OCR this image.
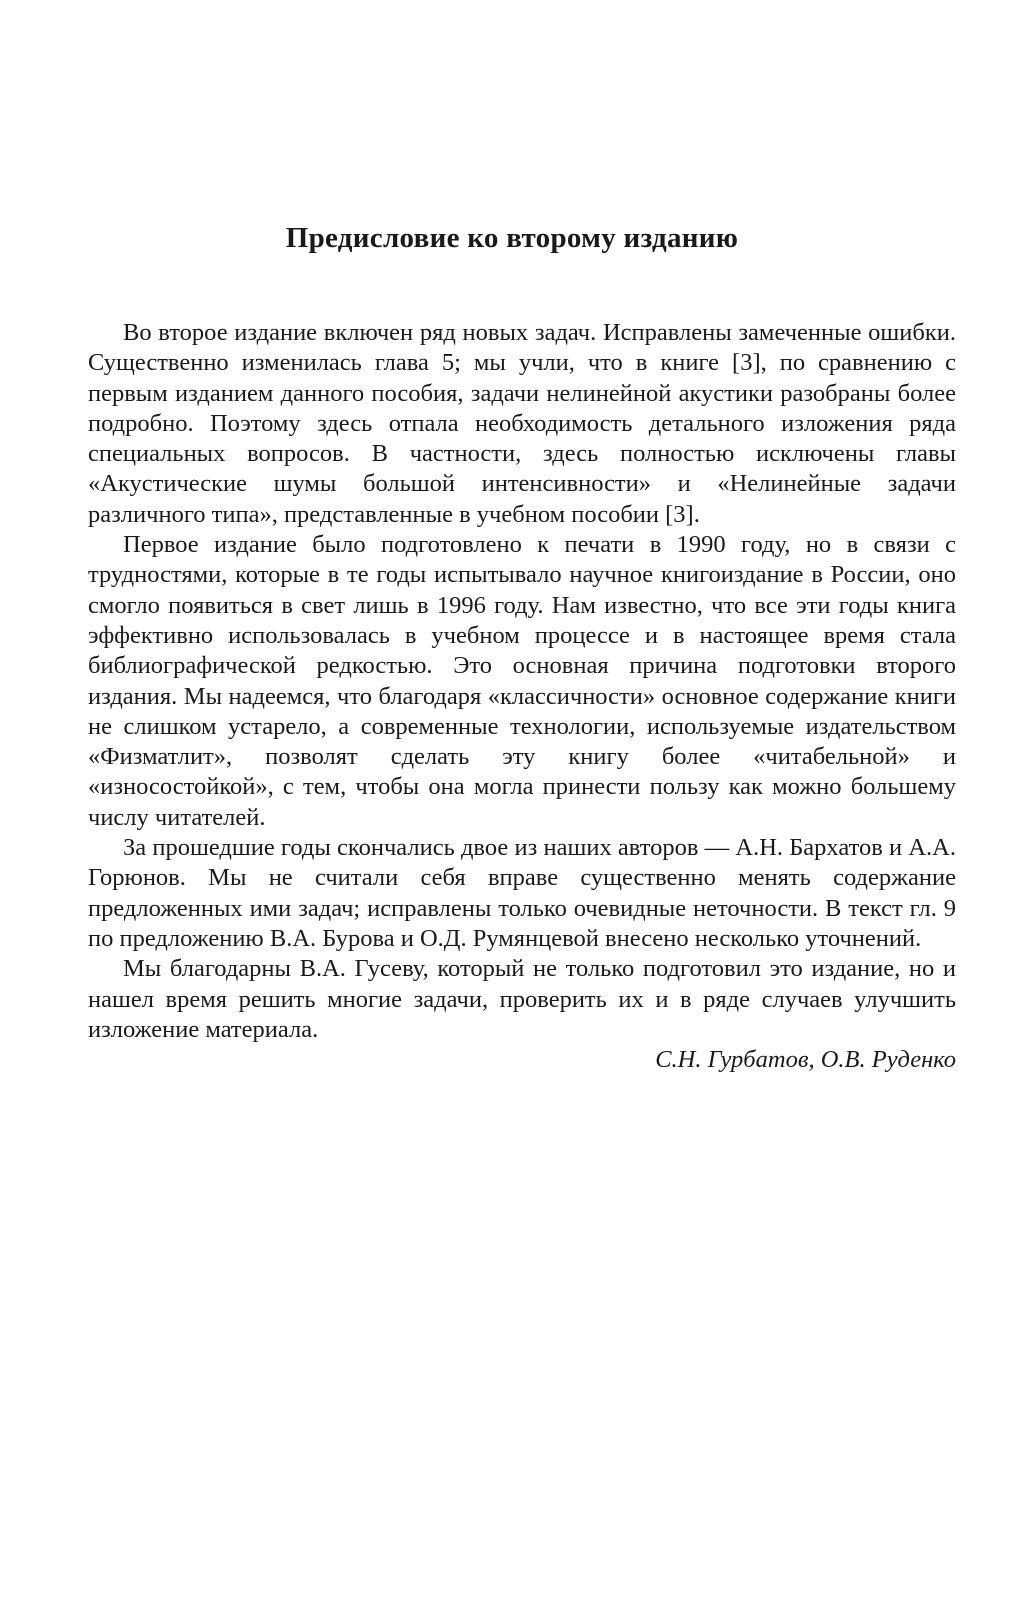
Предисловие ко второму изданию

Во второе издание включен ряд новых задач. Исправлены замеченные ошибки. Существенно изменилась глава 5; мы учли, что в книге [3], по сравнению с первым изданием данного пособия, задачи нелинейной акустики разобраны более подробно. Поэтому здесь отпала необходимость детального изложения ряда специальных вопросов. В частности, здесь полностью исключены главы «Акустические шумы большой интенсивности» и «Нелинейные задачи различного типа», представленные в учебном пособии [3].

Первое издание было подготовлено к печати в 1990 году, но в связи с трудностями, которые в те годы испытывало научное книгоиздание в России, оно смогло появиться в свет лишь в 1996 году. Нам известно, что все эти годы книга эффективно использовалась в учебном процессе и в настоящее время стала библиографической редкостью. Это основная причина подготовки второго издания. Мы надеемся, что благодаря «классичности» основное содержание книги не слишком устарело, а современные технологии, используемые издательством «Физматлит», позволят сделать эту книгу более «читабельной» и «износостойкой», с тем, чтобы она могла принести пользу как можно большему числу читателей.

За прошедшие годы скончались двое из наших авторов — А.Н. Бархатов и А.А. Горюнов. Мы не считали себя вправе существенно менять содержание предложенных ими задач; исправлены только очевидные неточности. В текст гл. 9 по предложению В.А. Бурова и О.Д. Румянцевой внесено несколько уточнений.

Мы благодарны В.А. Гусеву, который не только подготовил это издание, но и нашел время решить многие задачи, проверить их и в ряде случаев улучшить изложение материала.

С.Н. Гурбатов, О.В. Руденко
